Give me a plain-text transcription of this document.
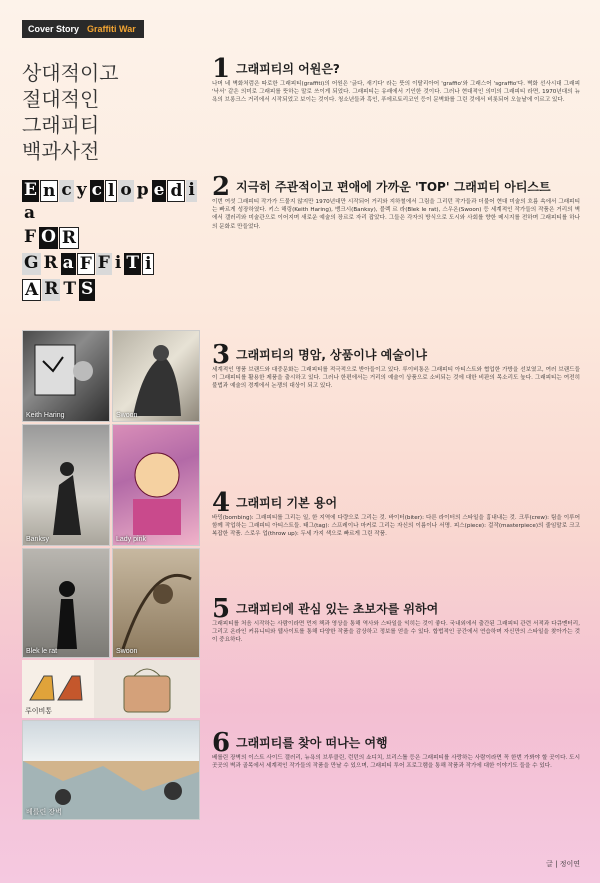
Cover Story Graffiti War
상대적이고
절대적인
그래피티
백과사전
E n c y c l o p e d i
a
F O R
G R a F F i T i
A R T S
Keith Haring	Swoon
Banksy	Lady pink
Blek le rat	Swoon
루이비통
베를린 장벽
1 그래피티의 어원은?
나머 네 벽화처럼은 따로한 그래피티(graffiti)의 어원은 '긁다, 새기다' 라는 뜻의 이탈리아어 'graffio'와 그래스어 'sgraffio'다. 벽화 선사시대 그래피 '낙서' 같은 의미로 그래피를 뜻하는 말로 쓰이게 되었다. 그래피티는 유래에서 기인한 것이다. 그러나 현대적인 의미의 그래피티 라면, 1970년대의 뉴욕의 브롱크스 거리에서 시작되었고 보이는 것이다. 청소년들과 흑인, 푸에르토리코인 등이 문벽화를 그린 것에서 비롯되어 오늘날에 이르고 있다.
2 지극히 주관적이고 편애에 가까운 'TOP' 그래피티 아티스트
이번 여섯 그래피티 작가가 드물지 않지만 1970년대만 시작되어 거리와 지하철에서 그림을 그리던 작가들과 더불어 현대 미술의 흐름 속에서 그래피티는 빠르게 성장하였다. 키스 해링(Keith Haring), 뱅크시(Banksy), 블렉 르 라(Blek le rat), 스우온(Swoon) 등 세계적인 작가들의 작품은 거리의 벽에서 갤러리와 미술관으로 이어지며 새로운 예술의 장르로 자리 잡았다. 그들은 각자의 방식으로 도시와 사회를 향한 메시지를 전하며 그래피티를 하나의 문화로 만들었다.
3 그래피티의 명암, 상품이냐 예술이냐
세계적인 명품 브랜드와 대중문화는 그래피티를 적극적으로 받아들이고 있다. 루이비통은 그래피티 아티스트와 협업한 가방을 선보였고, 여러 브랜드들이 그래피티를 활용한 제품을 출시하고 있다. 그러나 한편에서는 거리의 예술이 상품으로 소비되는 것에 대한 비판의 목소리도 높다. 그래피티는 여전히 불법과 예술의 경계에서 논쟁의 대상이 되고 있다.
4 그래피티 기본 용어
바밍(bombing): 그래피티를 그리는 일, 한 지역에 다량으로 그리는 것. 바이터(biter): 다른 라이터의 스타일을 흉내내는 것. 크루(crew): 팀을 이루어 함께 작업하는 그래피티 아티스트들. 태그(tag): 스프레이나 마커로 그리는 자신의 이름이나 서명. 피스(piece): 걸작(masterpiece)의 줄임말로 크고 복잡한 작품. 스로우 업(throw up): 두세 가지 색으로 빠르게 그린 작품.
5 그래피티에 관심 있는 초보자를 위하여
그래피티를 처음 시작하는 사람이라면 먼저 책과 영상을 통해 역사와 스타일을 익히는 것이 좋다. 국내외에서 출간된 그래피티 관련 서적과 다큐멘터리, 그리고 온라인 커뮤니티와 웹사이트를 통해 다양한 작품을 감상하고 정보를 얻을 수 있다. 합법적인 공간에서 연습하며 자신만의 스타일을 찾아가는 것이 중요하다.
6 그래피티를 찾아 떠나는 여행
베를린 장벽의 이스트 사이드 갤러리, 뉴욕의 브루클린, 런던의 쇼디치, 브리스톨 등은 그래피티를 사랑하는 사람이라면 꼭 한번 가봐야 할 곳이다. 도시 곳곳의 벽과 골목에서 세계적인 작가들의 작품을 만날 수 있으며, 그래피티 투어 프로그램을 통해 작품과 작가에 대한 이야기도 들을 수 있다.
글 | 정이연
